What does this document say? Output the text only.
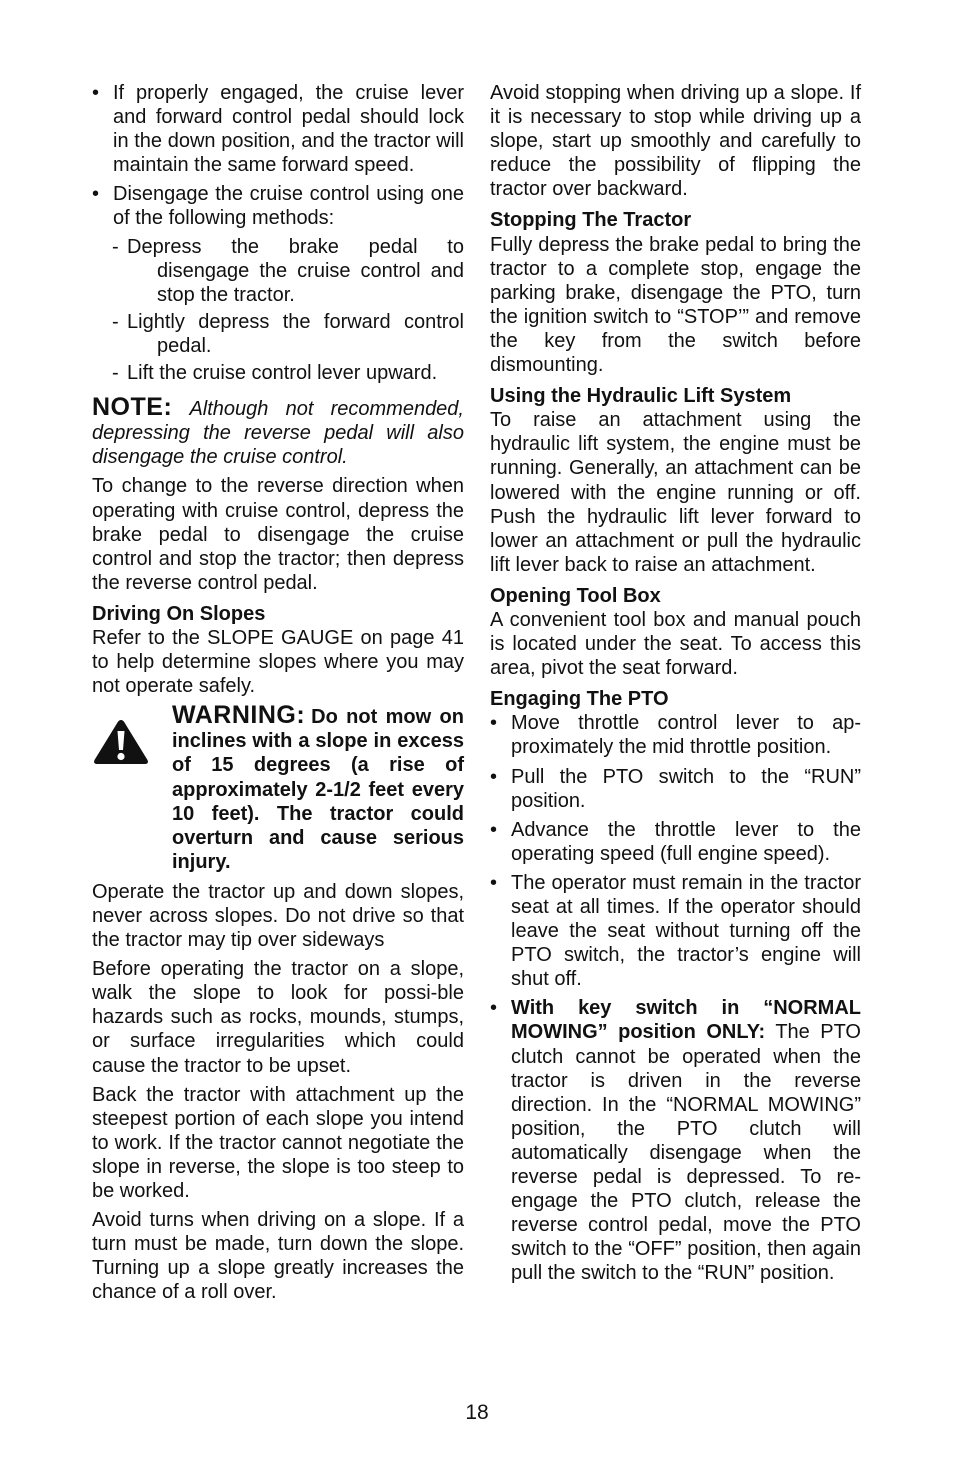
• If properly engaged, the cruise lever and forward control pedal should lock in the down position, and the tractor will maintain the same forward speed.
• Disengage the cruise control using one of the following methods:
- Depress the brake pedal to disengage the cruise control and stop the tractor.
- Lightly depress the forward control pedal.
- Lift the cruise control lever upward.

NOTE: Although not recommended, depressing the reverse pedal will also disengage the cruise control.

To change to the reverse direction when operating with cruise control, depress the brake pedal to disengage the cruise control and stop the tractor; then depress the reverse control pedal.

Driving On Slopes

Refer to the SLOPE GAUGE on page 41 to help determine slopes where you may not operate safely.

WARNING: Do not mow on inclines with a slope in excess of 15 degrees (a rise of approximately 2-1/2 feet every 10 feet). The tractor could overturn and cause serious injury.

Operate the tractor up and down slopes, never across slopes. Do not drive so that the tractor may tip over sideways

Before operating the tractor on a slope, walk the slope to look for possi-ble hazards such as rocks, mounds, stumps, or surface irregularities which could cause the tractor to be upset.

Back the tractor with attachment up the steepest portion of each slope you intend to work. If the tractor cannot negotiate the slope in reverse, the slope is too steep to be worked.

Avoid turns when driving on a slope. If a turn must be made, turn down the slope. Turning up a slope greatly increases the chance of a roll over.

Avoid stopping when driving up a slope. If it is necessary to stop while driving up a slope, start up smoothly and carefully to reduce the possibility of flipping the tractor over backward.

Stopping The Tractor

Fully depress the brake pedal to bring the tractor to a complete stop, engage the parking brake, disengage the PTO, turn the ignition switch to “STOP’” and remove the key from the switch before dismounting.

Using the Hydraulic Lift System

To raise an attachment using the hydraulic lift system, the engine must be running. Generally, an attachment can be lowered with the engine running or off. Push the hydraulic lift lever forward to lower an attachment or pull the hydraulic lift lever back to raise an attachment.

Opening Tool Box

A convenient tool box and manual pouch is located under the seat. To access this area, pivot the seat forward.

Engaging The PTO
• Move throttle control lever to ap-proximately the mid throttle position.
• Pull the PTO switch to the “RUN” position.
• Advance the throttle lever to the operating speed (full engine speed).
• The operator must remain in the tractor seat at all times. If the operator should leave the seat without turning off the PTO switch, the tractor’s engine will shut off.
• With key switch in “NORMAL MOWING” position ONLY: The PTO clutch cannot be operated when the tractor is driven in the reverse direction. In the “NORMAL MOWING” position, the PTO clutch will automatically disengage when the reverse pedal is depressed. To re-engage the PTO clutch, release the reverse control pedal, move the PTO switch to the “OFF” position, then again pull the switch to the “RUN” position.
18
